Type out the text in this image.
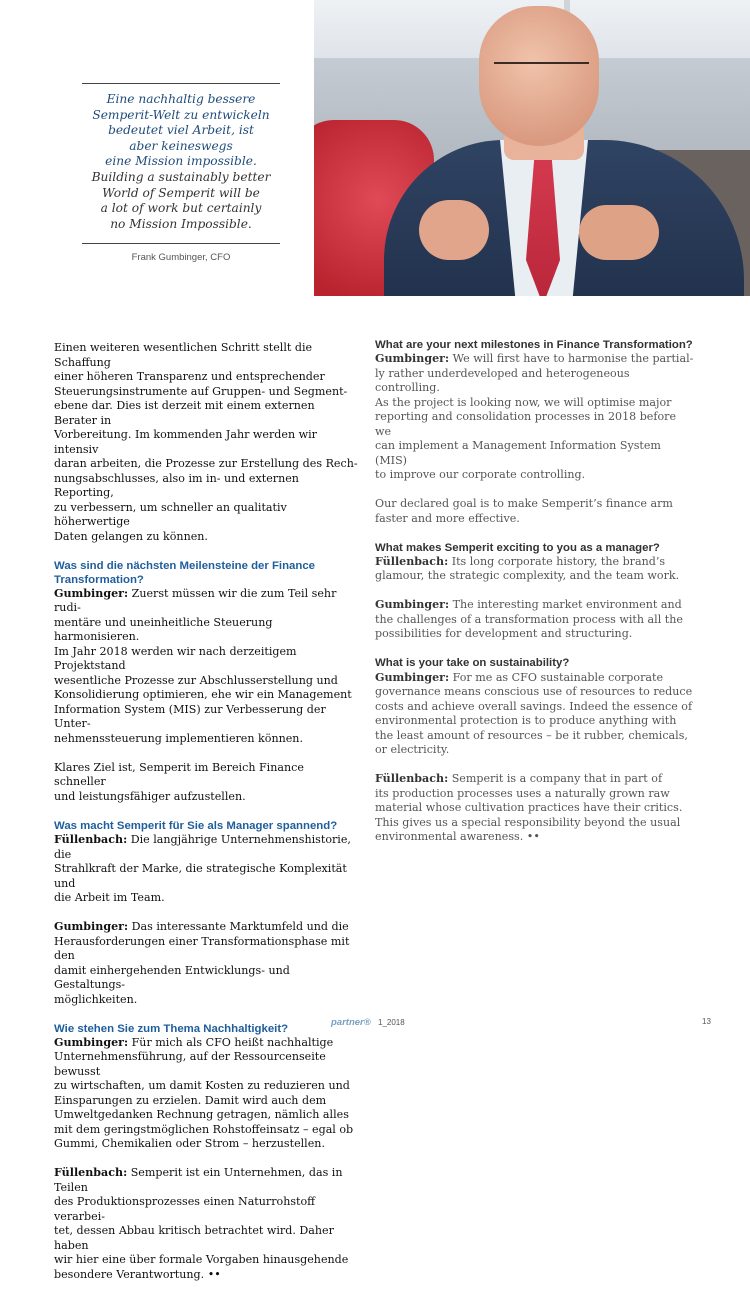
Eine nachhaltig bessere
Semperit-Welt zu entwickeln
bedeutet viel Arbeit, ist
aber keineswegs
eine Mission impossible.
Building a sustainably better
World of Semperit will be
a lot of work but certainly
no Mission Impossible.
Frank Gumbinger, CFO

Einen weiteren wesentlichen Schritt stellt die Schaffung
einer höheren Transparenz und entsprechender
Steuerungsinstrumente auf Gruppen- und Segment-
ebene dar. Dies ist derzeit mit einem externen Berater in
Vorbereitung. Im kommenden Jahr werden wir intensiv
daran arbeiten, die Prozesse zur Erstellung des Rech-
nungsabschlusses, also im in- und externen Reporting,
zu verbessern, um schneller an qualitativ höherwertige
Daten gelangen zu können.

Was sind die nächsten Meilensteine der Finance
Transformation?

Gumbinger: Zuerst müssen wir die zum Teil sehr rudi-
mentäre und uneinheitliche Steuerung harmonisieren.
Im Jahr 2018 werden wir nach derzeitigem Projektstand
wesentliche Prozesse zur Abschlusserstellung und
Konsolidierung optimieren, ehe wir ein Management
Information System (MIS) zur Verbesserung der Unter-
nehmenssteuerung implementieren können.

Klares Ziel ist, Semperit im Bereich Finance schneller
und leistungsfähiger aufzustellen.

Was macht Semperit für Sie als Manager spannend?

Füllenbach: Die langjährige Unternehmenshistorie, die
Strahlkraft der Marke, die strategische Komplexität und
die Arbeit im Team.

Gumbinger: Das interessante Marktumfeld und die
Herausforderungen einer Transformationsphase mit den
damit einhergehenden Entwicklungs- und Gestaltungs-
möglichkeiten.

Wie stehen Sie zum Thema Nachhaltigkeit?

Gumbinger: Für mich als CFO heißt nachhaltige
Unternehmensführung, auf der Ressourcenseite bewusst
zu wirtschaften, um damit Kosten zu reduzieren und
Einsparungen zu erzielen. Damit wird auch dem
Umweltgedanken Rechnung getragen, nämlich alles
mit dem geringstmöglichen Rohstoffeinsatz – egal ob
Gummi, Chemikalien oder Strom – herzustellen.

Füllenbach: Semperit ist ein Unternehmen, das in Teilen
des Produktionsprozesses einen Naturrohstoff verarbei-
tet, dessen Abbau kritisch betrachtet wird. Daher haben
wir hier eine über formale Vorgaben hinausgehende
besondere Verantwortung. ••

What are your next milestones in Finance Transformation?

Gumbinger: We will first have to harmonise the partial-
ly rather underdeveloped and heterogeneous controlling.
As the project is looking now, we will optimise major
reporting and consolidation processes in 2018 before we
can implement a Management Information System (MIS)
to improve our corporate controlling.

Our declared goal is to make Semperit’s finance arm
faster and more effective.

What makes Semperit exciting to you as a manager?

Füllenbach: Its long corporate history, the brand’s
glamour, the strategic complexity, and the team work.

Gumbinger: The interesting market environment and
the challenges of a transformation process with all the
possibilities for development and structuring.

What is your take on sustainability?

Gumbinger: For me as CFO sustainable corporate
governance means conscious use of resources to reduce
costs and achieve overall savings. Indeed the essence of
environmental protection is to produce anything with
the least amount of resources – be it rubber, chemicals,
or electricity.

Füllenbach: Semperit is a company that in part of
its production processes uses a naturally grown raw
material whose cultivation practices have their critics.
This gives us a special responsibility beyond the usual
environmental awareness. ••

partner® 1_2018	13
